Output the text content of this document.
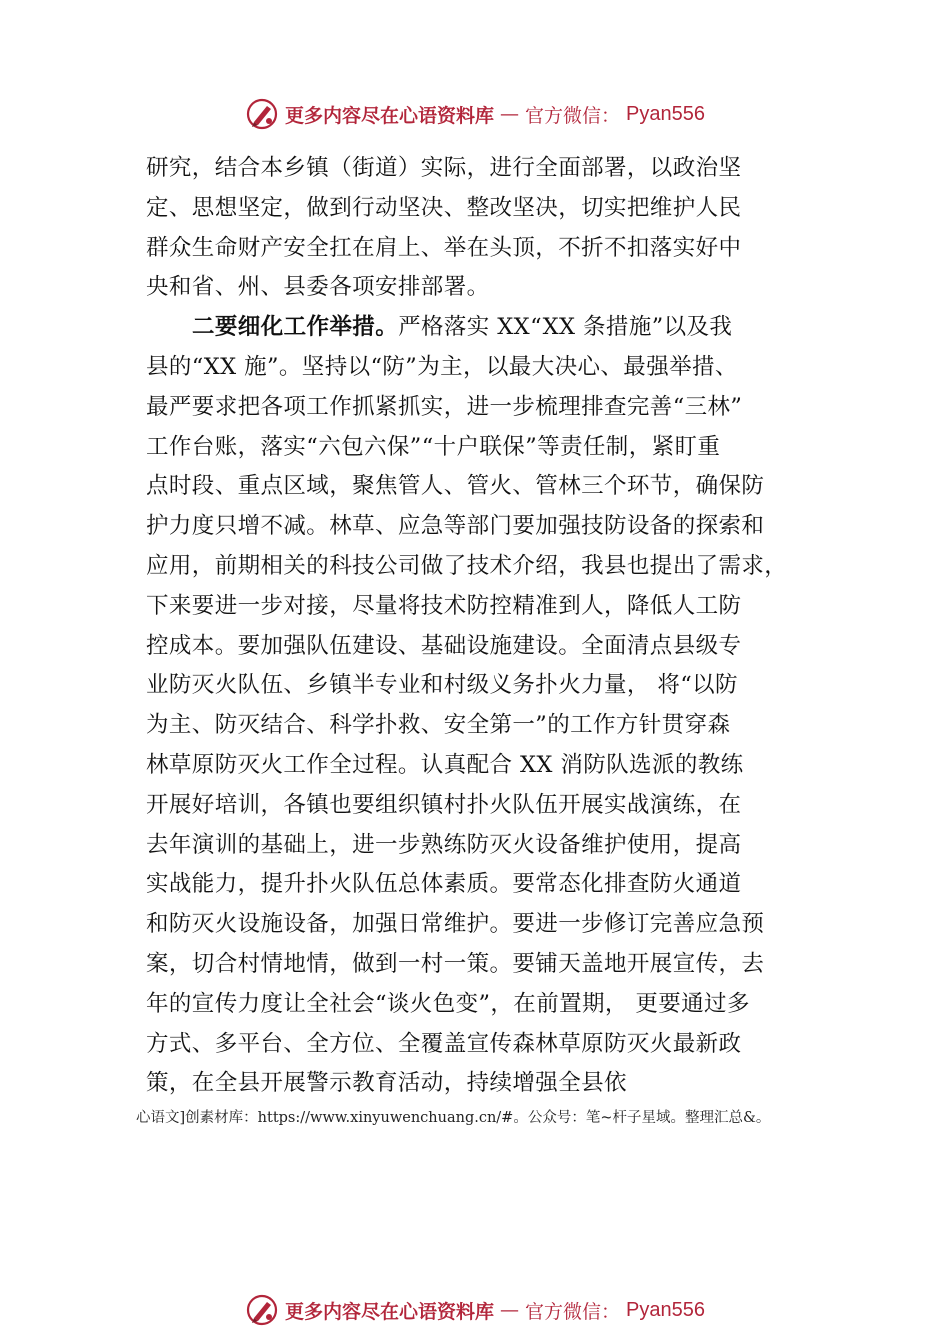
更多内容尽在心语资料库 — 官方微信： Pyan556
研究，结合本乡镇（街道）实际，进行全面部署，以政治坚
定、思想坚定，做到行动坚决、整改坚决，切实把维护人民
群众生命财产安全扛在肩上、举在头顶，不折不扣落实好中
央和省、州、县委各项安排部署。
二要细化工作举措。严格落实 XX“XX 条措施”以及我
县的“XX 施”。坚持以“防”为主，以最大决心、最强举措、
最严要求把各项工作抓紧抓实，进一步梳理排查完善“三林”
工作台账，落实“六包六保”“十户联保”等责任制，紧盯重
点时段、重点区域，聚焦管人、管火、管林三个环节，确保防
护力度只增不减。林草、应急等部门要加强技防设备的探索和
应用，前期相关的科技公司做了技术介绍，我县也提出了需求，
下来要进一步对接，尽量将技术防控精准到人，降低人工防
控成本。要加强队伍建设、基础设施建设。全面清点县级专
业防灭火队伍、乡镇半专业和村级义务扑火力量， 将“以防
为主、防灭结合、科学扑救、安全第一”的工作方针贯穿森
林草原防灭火工作全过程。认真配合 XX 消防队选派的教练
开展好培训，各镇也要组织镇村扑火队伍开展实战演练，在
去年演训的基础上，进一步熟练防灭火设备维护使用，提高
实战能力，提升扑火队伍总体素质。要常态化排查防火通道
和防灭火设施设备，加强日常维护。要进一步修订完善应急预
案，切合村情地情，做到一村一策。要铺天盖地开展宣传，去
年的宣传力度让全社会“谈火色变”，在前置期， 更要通过多
方式、多平台、全方位、全覆盖宣传森林草原防灭火最新政
策，在全县开展警示教育活动，持续增强全县依
心语文]创素材库：https://www.xinyuwenchuang.cn/#。公众号：笔~杆子星域。整理汇总&。
更多内容尽在心语资料库 — 官方微信： Pyan556
